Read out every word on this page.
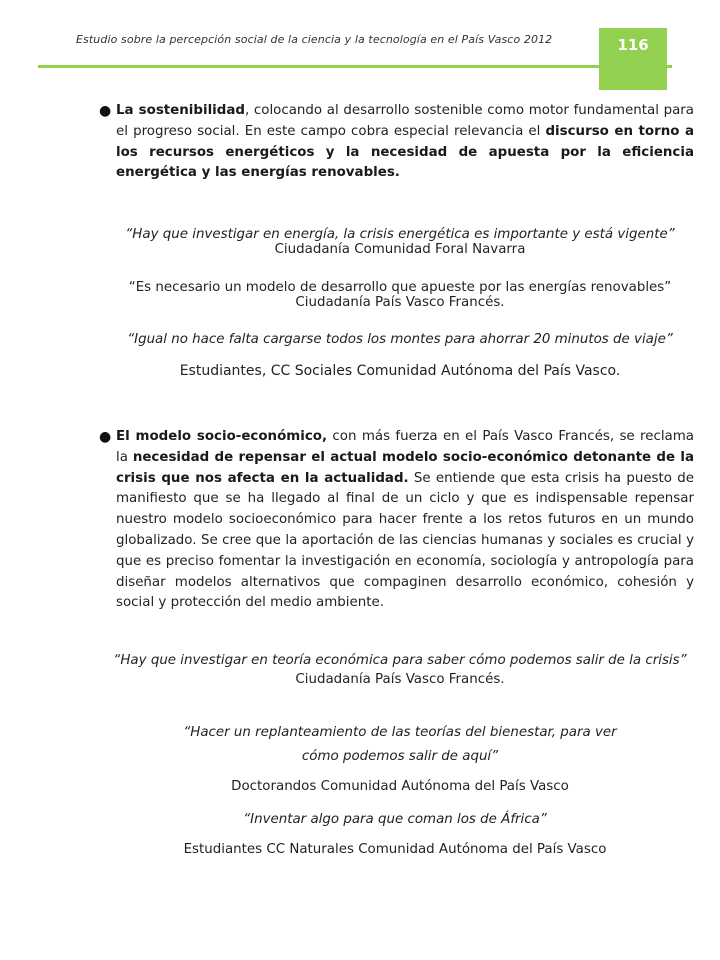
Estudio sobre la percepción social de la ciencia y la tecnología en el País Vasco 2012	116
● La sostenibilidad, colocando al desarrollo sostenible como motor fundamental para el progreso social. En este campo cobra especial relevancia el discurso en torno a los recursos energéticos y la necesidad de apuesta por la eficiencia energética y las energías renovables.

“Hay que investigar en energía, la crisis energética es importante y está vigente”

Ciudadanía Comunidad Foral Navarra

“Es necesario un modelo de desarrollo que apueste por las energías renovables”

Ciudadanía País Vasco Francés.

“Igual no hace falta cargarse todos los montes para ahorrar 20 minutos de viaje”

Estudiantes, CC Sociales Comunidad Autónoma del País Vasco.

● El modelo socio-económico, con más fuerza en el País Vasco Francés, se reclama la necesidad de repensar el actual modelo socio-económico detonante de la crisis que nos afecta en la actualidad. Se entiende que esta crisis ha puesto de manifiesto que se ha llegado al final de un ciclo y que es indispensable repensar nuestro modelo socioeconómico para hacer frente a los retos futuros en un mundo globalizado. Se cree que la aportación de las ciencias humanas y sociales es crucial y que es preciso fomentar la investigación en economía, sociología y antropología para diseñar modelos alternativos que compaginen desarrollo económico, cohesión y social y protección del medio ambiente.

“Hay que investigar en teoría económica para saber cómo podemos salir de la crisis”

Ciudadanía País Vasco Francés.

“Hacer un replanteamiento de las teorías del bienestar, para ver cómo podemos salir de aquí”

Doctorandos Comunidad Autónoma del País Vasco

“Inventar algo para que coman los de África”

Estudiantes CC Naturales Comunidad Autónoma del País Vasco
